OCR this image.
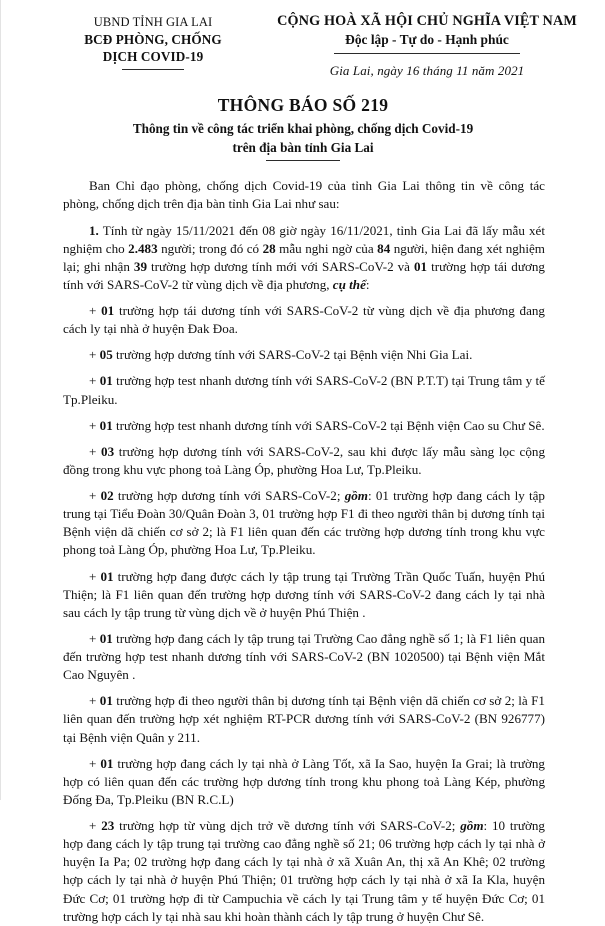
UBND TỈNH GIA LAI
BCĐ PHÒNG, CHỐNG
DỊCH COVID-19
CỘNG HOÀ XÃ HỘI CHỦ NGHĨA VIỆT NAM
Độc lập - Tự do - Hạnh phúc
Gia Lai, ngày 16 tháng 11 năm 2021
THÔNG BÁO SỐ 219
Thông tin về công tác triển khai phòng, chống dịch Covid-19
trên địa bàn tỉnh Gia Lai

Ban Chỉ đạo phòng, chống dịch Covid-19 của tỉnh Gia Lai thông tin về công tác phòng, chống dịch trên địa bàn tỉnh Gia Lai như sau:

1. Tính từ ngày 15/11/2021 đến 08 giờ ngày 16/11/2021, tỉnh Gia Lai đã lấy mẫu xét nghiệm cho 2.483 người; trong đó có 28 mẫu nghi ngờ của 84 người, hiện đang xét nghiệm lại; ghi nhận 39 trường hợp dương tính mới với SARS-CoV-2 và 01 trường hợp tái dương tính với SARS-CoV-2 từ vùng dịch về địa phương, cụ thể:

+ 01 trường hợp tái dương tính với SARS-CoV-2 từ vùng dịch về địa phương đang cách ly tại nhà ở huyện Đak Đoa.

+ 05 trường hợp dương tính với SARS-CoV-2 tại Bệnh viện Nhi Gia Lai.

+ 01 trường hợp test nhanh dương tính với SARS-CoV-2 (BN P.T.T) tại Trung tâm y tế Tp.Pleiku.

+ 01 trường hợp test nhanh dương tính với SARS-CoV-2 tại Bệnh viện Cao su Chư Sê.

+ 03 trường hợp dương tính với SARS-CoV-2, sau khi được lấy mẫu sàng lọc cộng đồng trong khu vực phong toả Làng Óp, phường Hoa Lư, Tp.Pleiku.

+ 02 trường hợp dương tính với SARS-CoV-2; gồm: 01 trường hợp đang cách ly tập trung tại Tiểu Đoàn 30/Quân Đoàn 3, 01 trường hợp F1 đi theo người thân bị dương tính tại Bệnh viện dã chiến cơ sở 2; là F1 liên quan đến các trường hợp dương tính trong khu vực phong toả Làng Óp, phường Hoa Lư, Tp.Pleiku.

+ 01 trường hợp đang được cách ly tập trung tại Trường Trần Quốc Tuấn, huyện Phú Thiện; là F1 liên quan đến trường hợp dương tính với SARS-CoV-2 đang cách ly tại nhà sau cách ly tập trung từ vùng dịch về ở huyện Phú Thiện .

+ 01 trường hợp đang cách ly tập trung tại Trường Cao đẳng nghề số 1; là F1 liên quan đến trường hợp test nhanh dương tính với SARS-CoV-2 (BN 1020500) tại Bệnh viện Mắt Cao Nguyên .

+ 01 trường hợp đi theo người thân bị dương tính tại Bệnh viện dã chiến cơ sở 2; là F1 liên quan đến trường hợp xét nghiệm RT-PCR dương tính với SARS-CoV-2 (BN 926777) tại Bệnh viện Quân y 211.

+ 01 trường hợp đang cách ly tại nhà ở Làng Tốt, xã Ia Sao, huyện Ia Grai; là trường hợp có liên quan đến các trường hợp dương tính trong khu phong toả Làng Kép, phường Đống Đa, Tp.Pleiku (BN R.C.L)

+ 23 trường hợp từ vùng dịch trở về dương tính với SARS-CoV-2; gồm: 10 trường hợp đang cách ly tập trung tại trường cao đẳng nghề số 21; 06 trường hợp cách ly tại nhà ở huyện Ia Pa; 02 trường hợp đang cách ly tại nhà ở xã Xuân An, thị xã An Khê; 02 trường hợp cách ly tại nhà ở huyện Phú Thiện; 01 trường hợp cách ly tại nhà ở xã Ia Kla, huyện Đức Cơ; 01 trường hợp đi từ Campuchia về cách ly tại Trung tâm y tế huyện Đức Cơ; 01 trường hợp cách ly tại nhà sau khi hoàn thành cách ly tập trung ở huyện Chư Sê.
